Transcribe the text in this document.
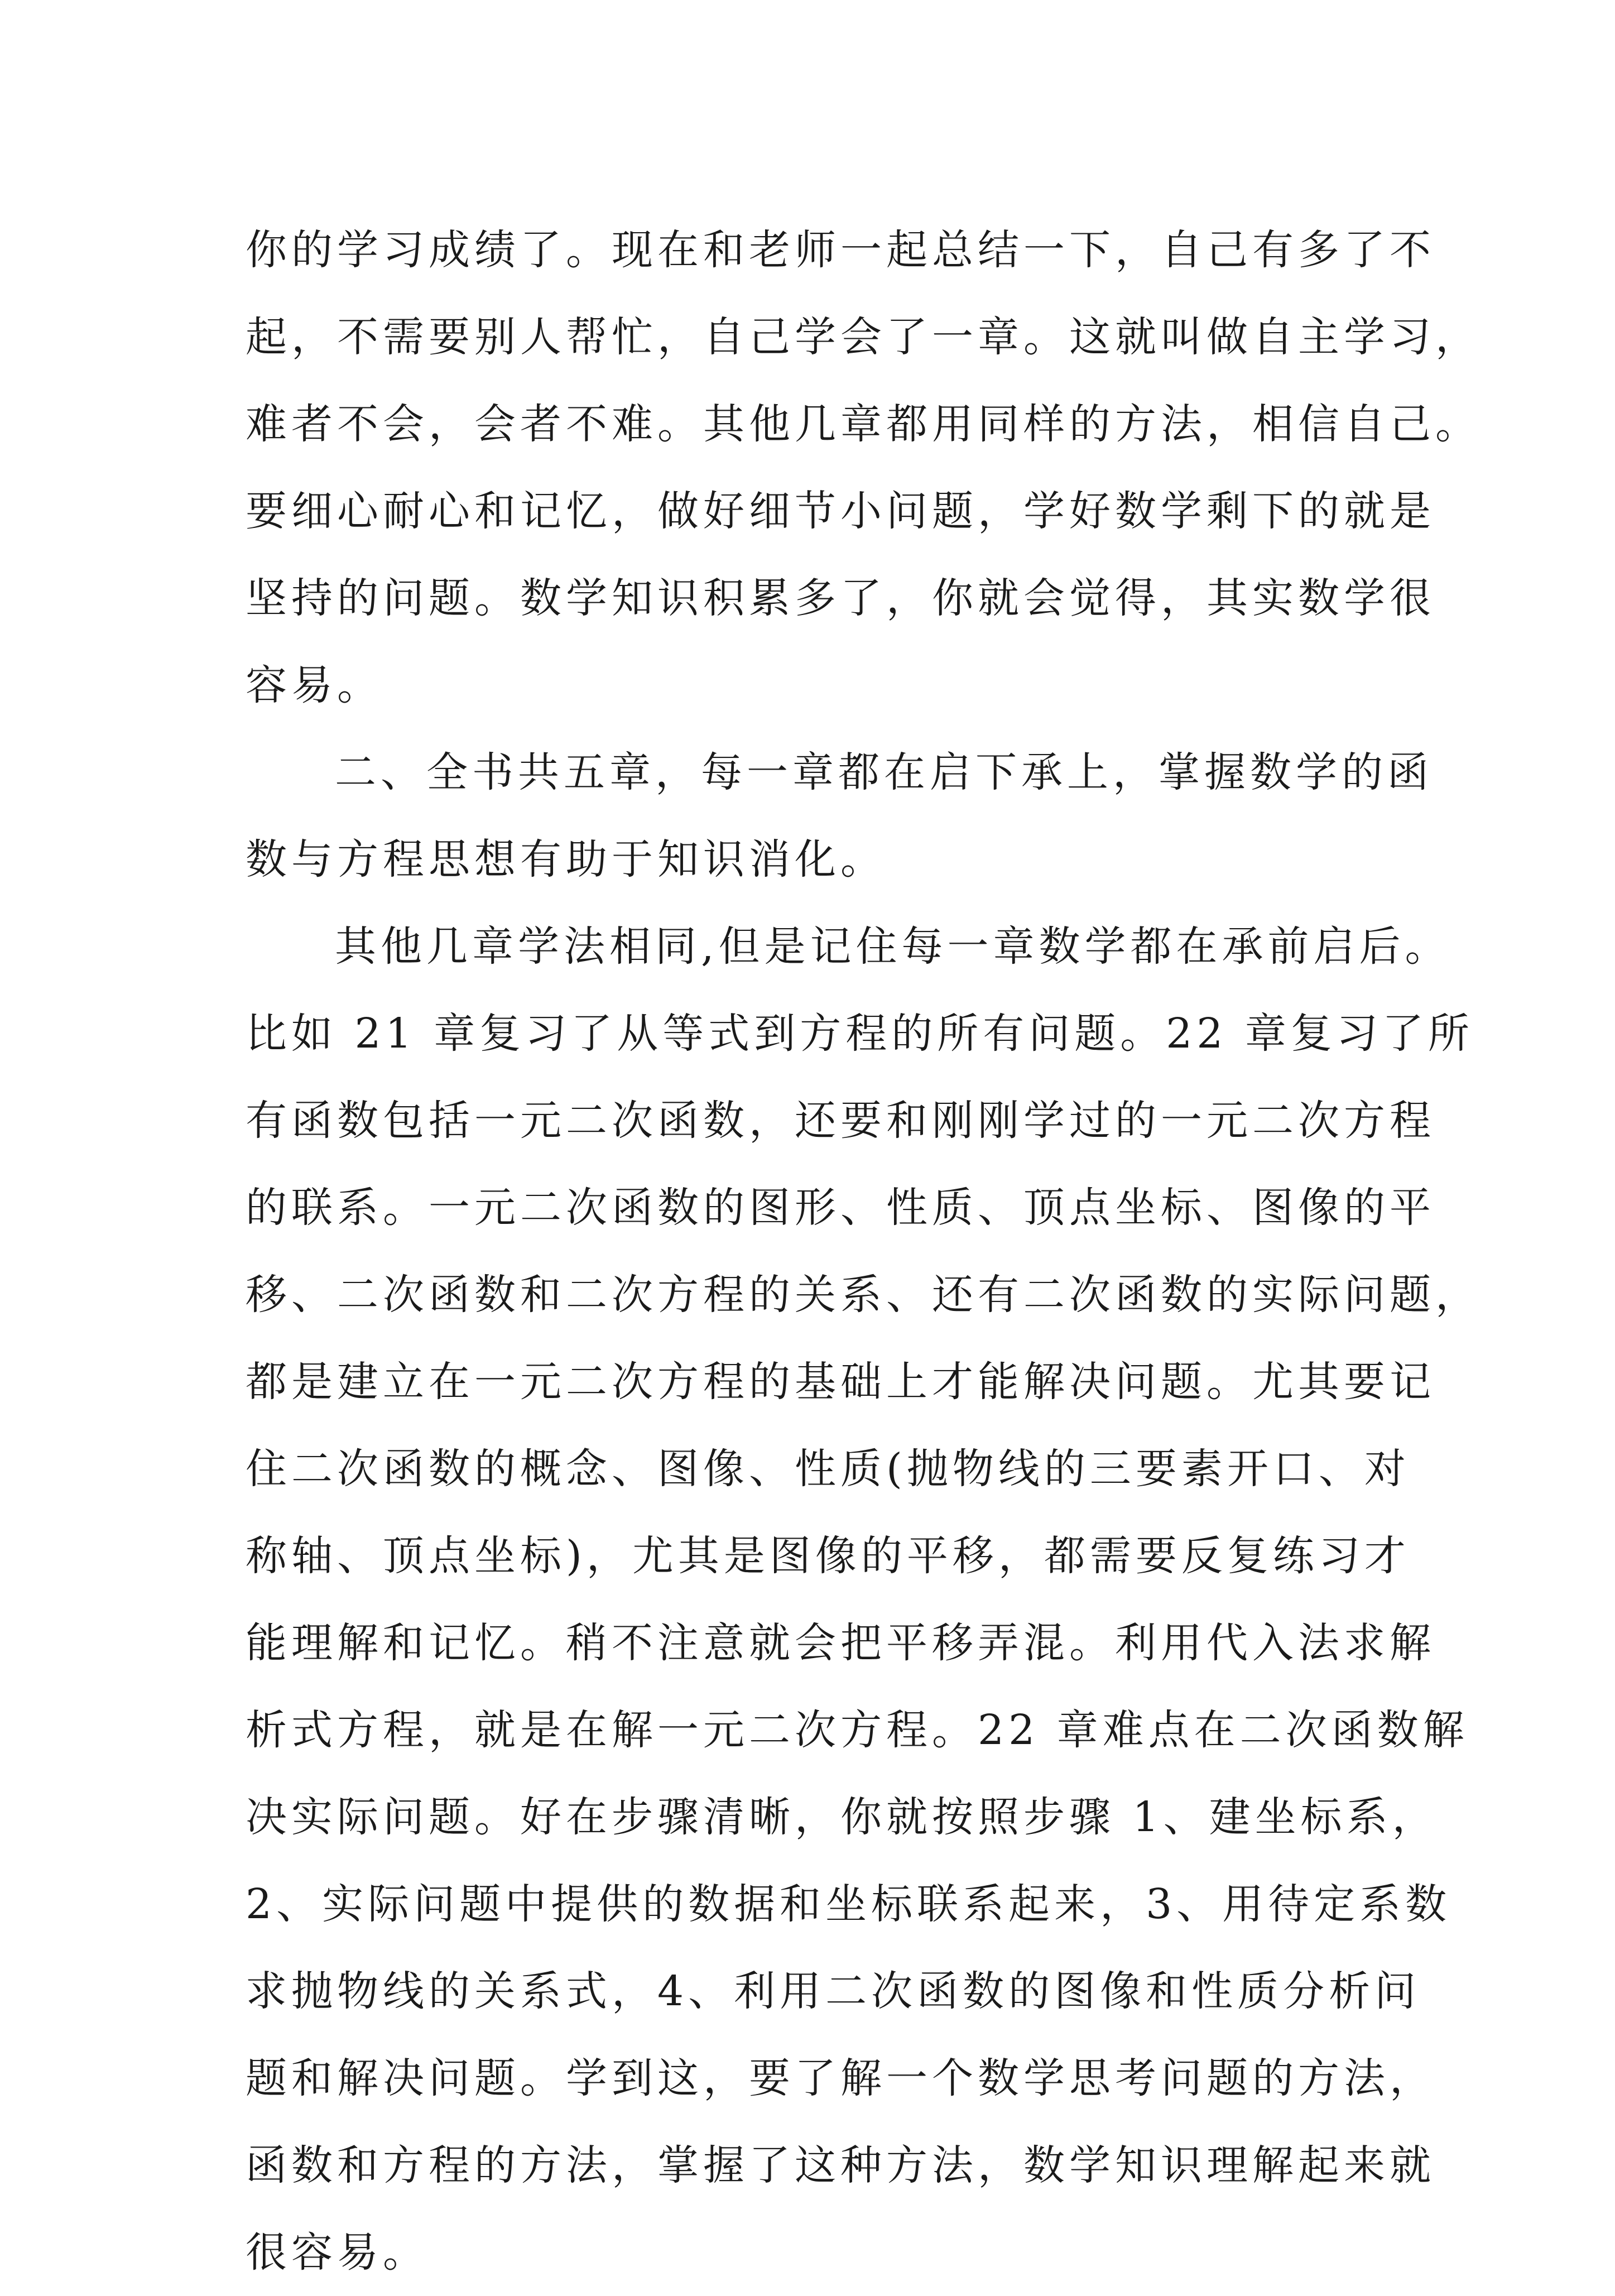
你的学习成绩了。现在和老师一起总结一下，自己有多了不
起，不需要别人帮忙，自己学会了一章。这就叫做自主学习，
难者不会，会者不难。其他几章都用同样的方法，相信自己。
要细心耐心和记忆，做好细节小问题，学好数学剩下的就是
坚持的问题。数学知识积累多了，你就会觉得，其实数学很
容易。
二、全书共五章，每一章都在启下承上，掌握数学的函
数与方程思想有助于知识消化。
其他几章学法相同,但是记住每一章数学都在承前启后。
比如 21 章复习了从等式到方程的所有问题。22 章复习了所
有函数包括一元二次函数，还要和刚刚学过的一元二次方程
的联系。一元二次函数的图形、性质、顶点坐标、图像的平
移、二次函数和二次方程的关系、还有二次函数的实际问题，
都是建立在一元二次方程的基础上才能解决问题。尤其要记
住二次函数的概念、图像、性质(抛物线的三要素开口、对
称轴、顶点坐标)，尤其是图像的平移，都需要反复练习才
能理解和记忆。稍不注意就会把平移弄混。利用代入法求解
析式方程，就是在解一元二次方程。22 章难点在二次函数解
决实际问题。好在步骤清晰，你就按照步骤 1、建坐标系，
2、实际问题中提供的数据和坐标联系起来，3、用待定系数
求抛物线的关系式，4、利用二次函数的图像和性质分析问
题和解决问题。学到这，要了解一个数学思考问题的方法，
函数和方程的方法，掌握了这种方法，数学知识理解起来就
很容易。
